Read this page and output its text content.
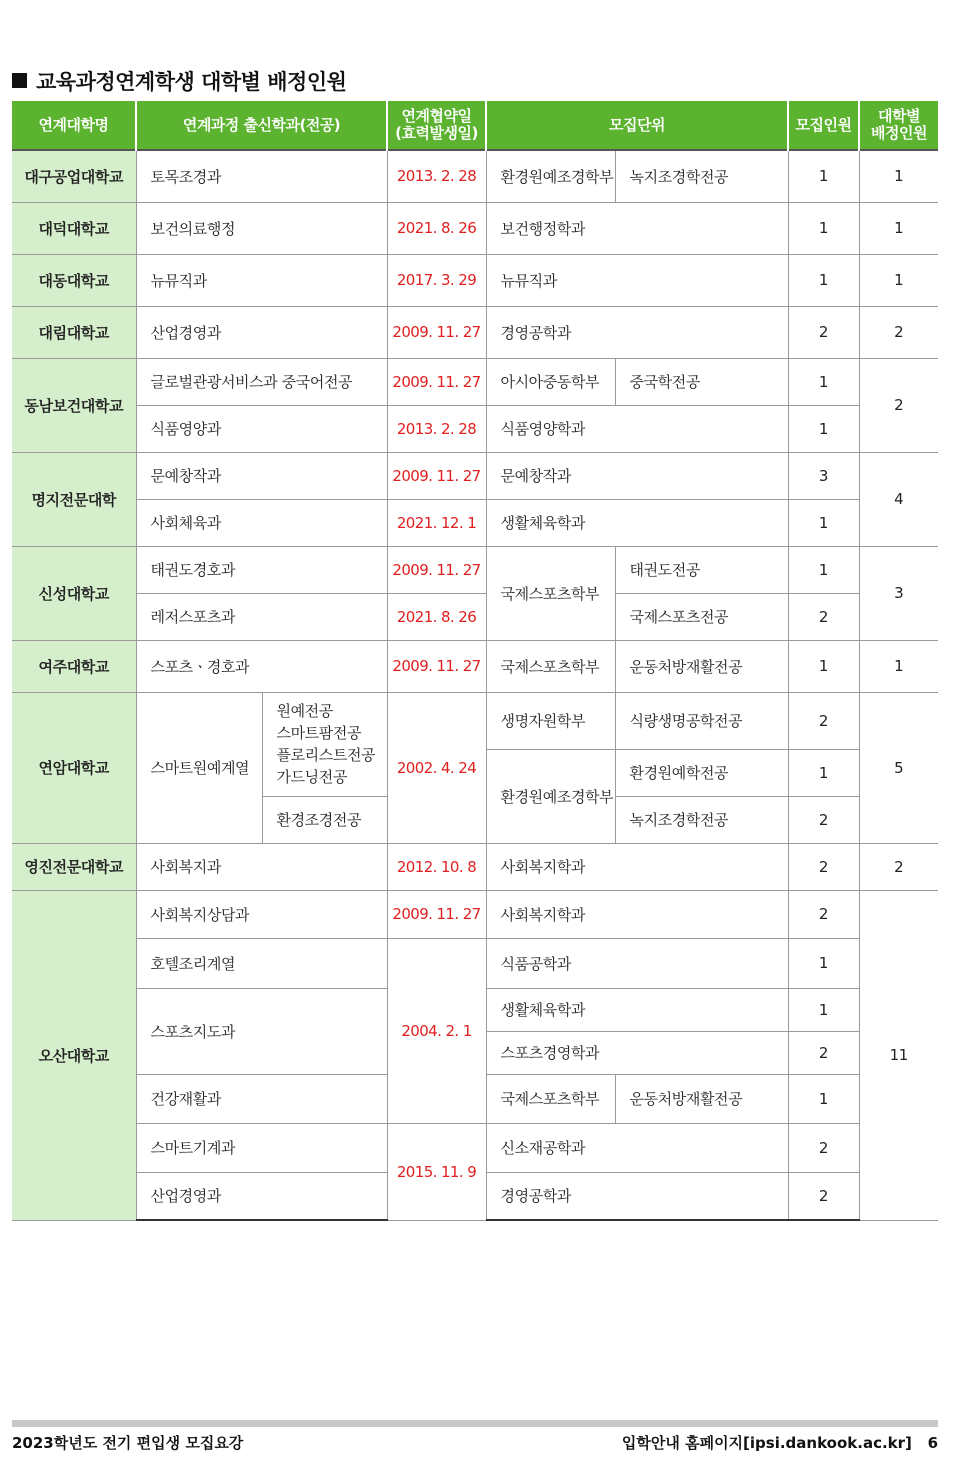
교육과정연계학생 대학별 배정인원
연계대학명	연계과정 출신학과(전공)		연계협약일
(효력발생일)	모집단위		모집인원	대학별
배정인원
대구공업대학교	토목조경과		2013. 2. 28	환경원예조경학부	녹지조경학전공	1	1
대덕대학교	보건의료행정		2021. 8. 26	보건행정학과		1	1
대동대학교	뉴뮤직과		2017. 3. 29	뉴뮤직과		1	1
대림대학교	산업경영과		2009. 11. 27	경영공학과		2	2
동남보건대학교	글로벌관광서비스과 중국어전공		2009. 11. 27	아시아중동학부	중국학전공	1	2
	식품영양과		2013. 2. 28	식품영양학과		1	
명지전문대학	문예창작과		2009. 11. 27	문예창작과		3	4
	사회체육과		2021. 12. 1	생활체육학과		1	
신성대학교	태권도경호과		2009. 11. 27	국제스포츠학부	태권도전공	1	3
	레저스포츠과		2021. 8. 26		국제스포츠전공	2	
여주대학교	스포츠ㆍ경호과		2009. 11. 27	국제스포츠학부	운동처방재활전공	1	1
연암대학교	스마트원예계열	원예전공
스마트팜전공
플로리스트전공
가드닝전공	2002. 4. 24	생명자원학부	식량생명공학전공	2	5
				환경원예조경학부	환경원예학전공	1	
		환경조경전공			녹지조경학전공	2	
영진전문대학교	사회복지과		2012. 10. 8	사회복지학과		2	2
오산대학교	사회복지상담과		2009. 11. 27	사회복지학과		2	11
	호텔조리계열		2004. 2. 1	식품공학과		1	
	스포츠지도과			생활체육학과		1	
				스포츠경영학과		2	
	건강재활과			국제스포츠학부	운동처방재활전공	1	
	스마트기계과		2015. 11. 9	신소재공학과		2	
	산업경영과			경영공학과		2	
2023학년도 전기 편입생 모집요강	입학안내 홈페이지[ipsi.dankook.ac.kr] 6
